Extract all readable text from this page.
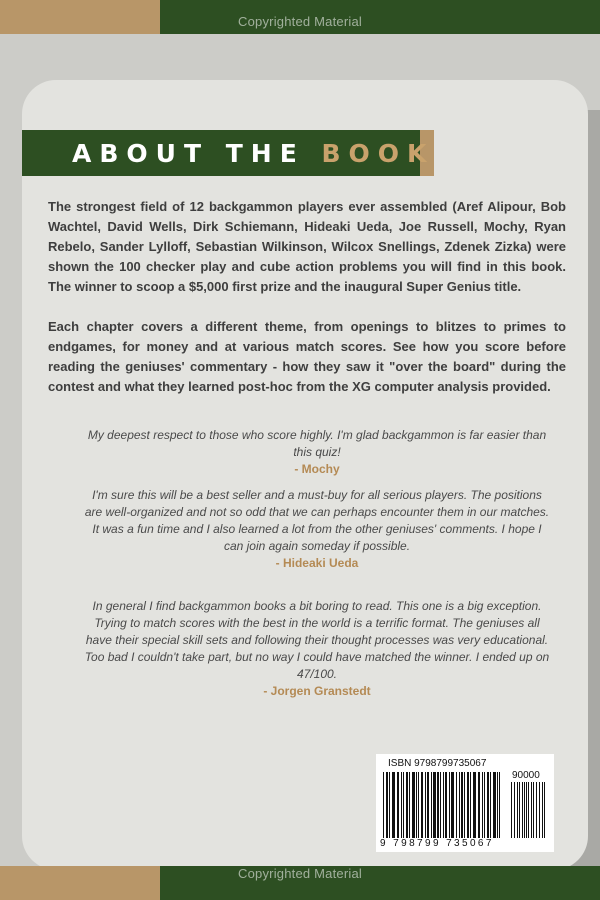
Copyrighted Material
ABOUT THE BOOK

The strongest field of 12 backgammon players ever assembled (Aref Alipour, Bob Wachtel, David Wells, Dirk Schiemann, Hideaki Ueda, Joe Russell, Mochy, Ryan Rebelo, Sander Lylloff, Sebastian Wilkinson, Wilcox Snellings, Zdenek Zizka) were shown the 100 checker play and cube action problems you will find in this book. The winner to scoop a $5,000 first prize and the inaugural Super Genius title.

Each chapter covers a different theme, from openings to blitzes to primes to endgames, for money and at various match scores. See how you score before reading the geniuses' commentary - how they saw it "over the board" during the contest and what they learned post-hoc from the XG computer analysis provided.

My deepest respect to those who score highly. I'm glad backgammon is far easier than this quiz!
- Mochy
I'm sure this will be a best seller and a must-buy for all serious players. The positions are well-organized and not so odd that we can perhaps encounter them in our matches. It was a fun time and I also learned a lot from the other geniuses' comments. I hope I can join again someday if possible.
- Hideaki Ueda
In general I find backgammon books a bit boring to read. This one is a big exception. Trying to match scores with the best in the world is a terrific format. The geniuses all have their special skill sets and following their thought processes was very educational. Too bad I couldn't take part, but no way I could have matched the winner. I ended up on 47/100.
- Jorgen Granstedt
ISBN 9798799735067
90000
9 798799 735067
Copyrighted Material
